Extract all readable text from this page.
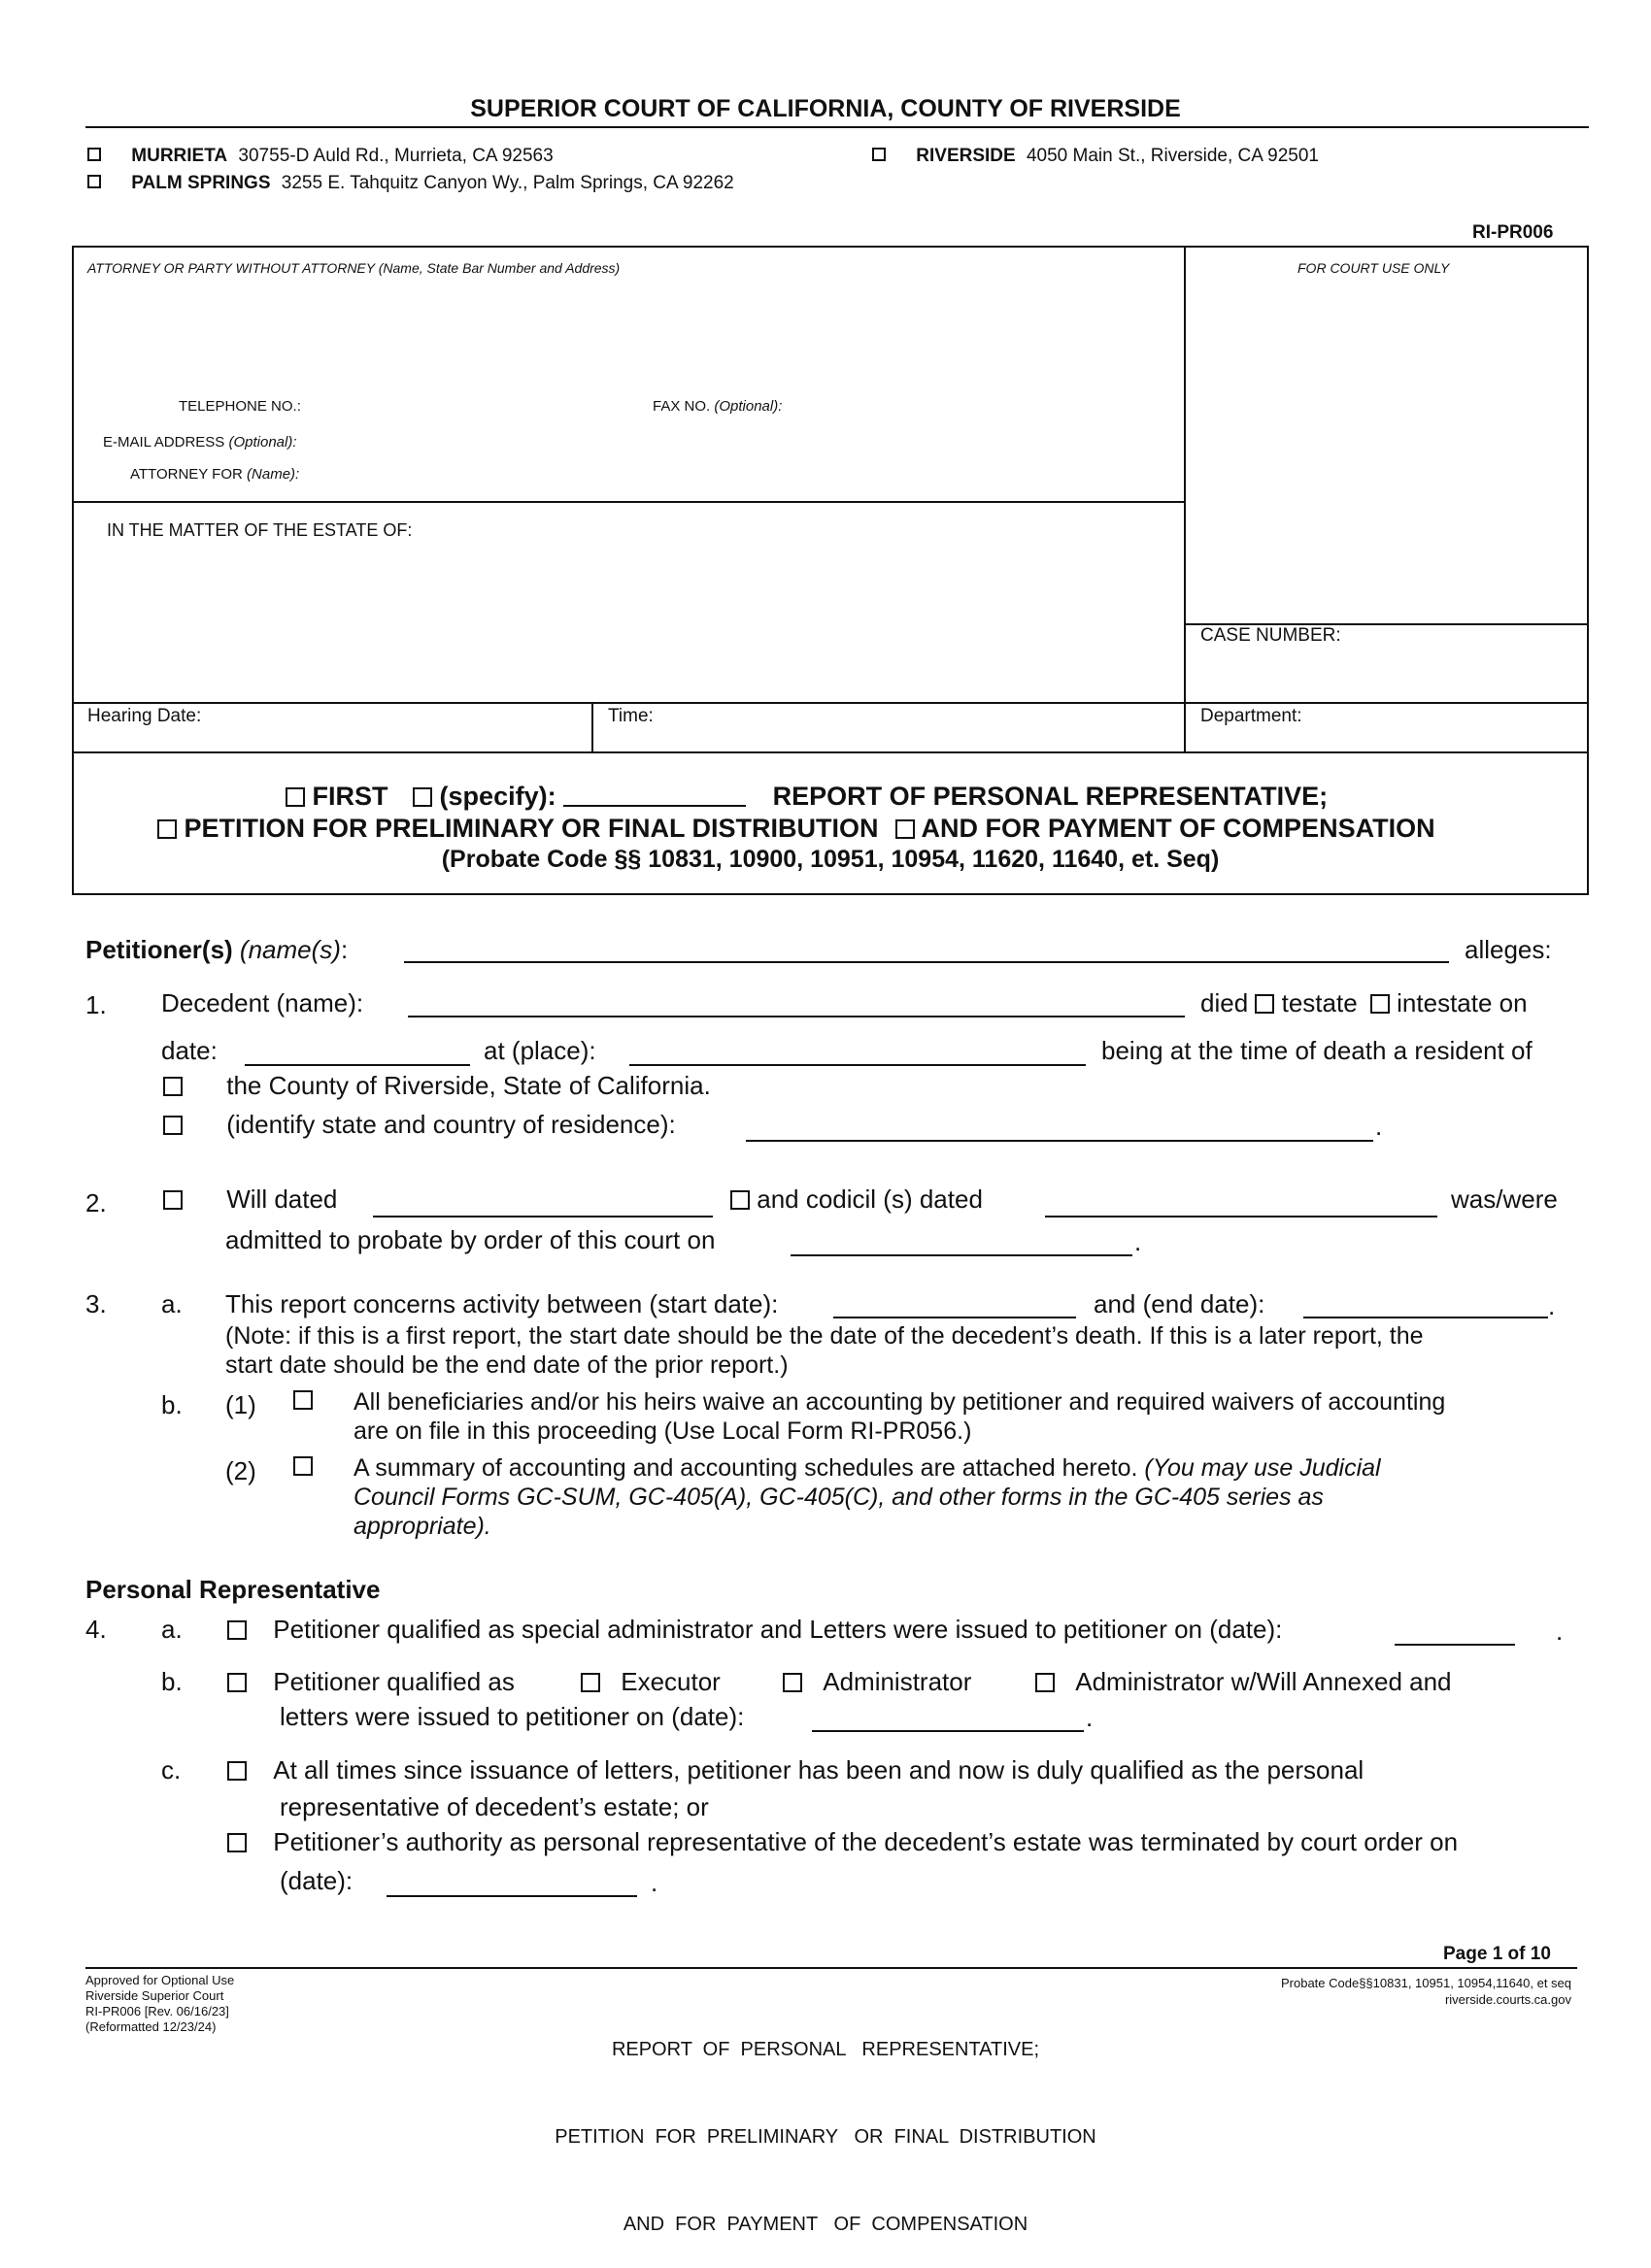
SUPERIOR COURT OF CALIFORNIA, COUNTY OF RIVERSIDE
MURRIETA 30755-D Auld Rd., Murrieta, CA 92563
PALM SPRINGS 3255 E. Tahquitz Canyon Wy., Palm Springs, CA 92262
RIVERSIDE 4050 Main St., Riverside, CA 92501
RI-PR006
ATTORNEY OR PARTY WITHOUT ATTORNEY (Name, State Bar Number and Address)	FOR COURT USE ONLY
TELEPHONE NO.:	FAX NO. (Optional):
E-MAIL ADDRESS (Optional):
ATTORNEY FOR (Name):
IN THE MATTER OF THE ESTATE OF:
CASE NUMBER:
Hearing Date:	Time:	Department:
FIRST (specify):	REPORT OF PERSONAL REPRESENTATIVE;
PETITION FOR PRELIMINARY OR FINAL DISTRIBUTION AND FOR PAYMENT OF COMPENSATION
(Probate Code §§ 10831, 10900, 10951, 10954, 11620, 11640, et. Seq)
Petitioner(s) (name(s):	alleges:
1. Decedent (name):	died testate intestate on
date:	at (place):	being at the time of death a resident of
the County of Riverside, State of California.
(identify state and country of residence):	.
2.	Will dated	and codicil (s) dated	was/were
admitted to probate by order of this court on	.
3. a. This report concerns activity between (start date):	and (end date):	.
(Note: if this is a first report, the start date should be the date of the decedent’s death. If this is a later report, the
start date should be the end date of the prior report.)
b. (1)	All beneficiaries and/or his heirs waive an accounting by petitioner and required waivers of accounting
are on file in this proceeding (Use Local Form RI-PR056.)
(2)	A summary of accounting and accounting schedules are attached hereto. (You may use Judicial
Council Forms GC-SUM, GC-405(A), GC-405(C), and other forms in the GC-405 series as
appropriate).
Personal Representative
4. a.	Petitioner qualified as special administrator and Letters were issued to petitioner on (date):	.
b.	Petitioner qualified as	Executor	Administrator	Administrator w/Will Annexed and
letters were issued to petitioner on (date):	.
c.	At all times since issuance of letters, petitioner has been and now is duly qualified as the personal
representative of decedent’s estate; or
Petitioner’s authority as personal representative of the decedent’s estate was terminated by court order on
(date):	.
Page 1 of 10
Approved for Optional Use
Riverside Superior Court
RI-PR006 [Rev. 06/16/23]
(Reformatted 12/23/24)

REPORT  OF  PERSONAL   REPRESENTATIVE;

PETITION  FOR  PRELIMINARY   OR  FINAL  DISTRIBUTION

AND  FOR  PAYMENT   OF  COMPENSATION

Probate Code§§10831, 10951, 10954,11640, et seq
riverside.courts.ca.gov
